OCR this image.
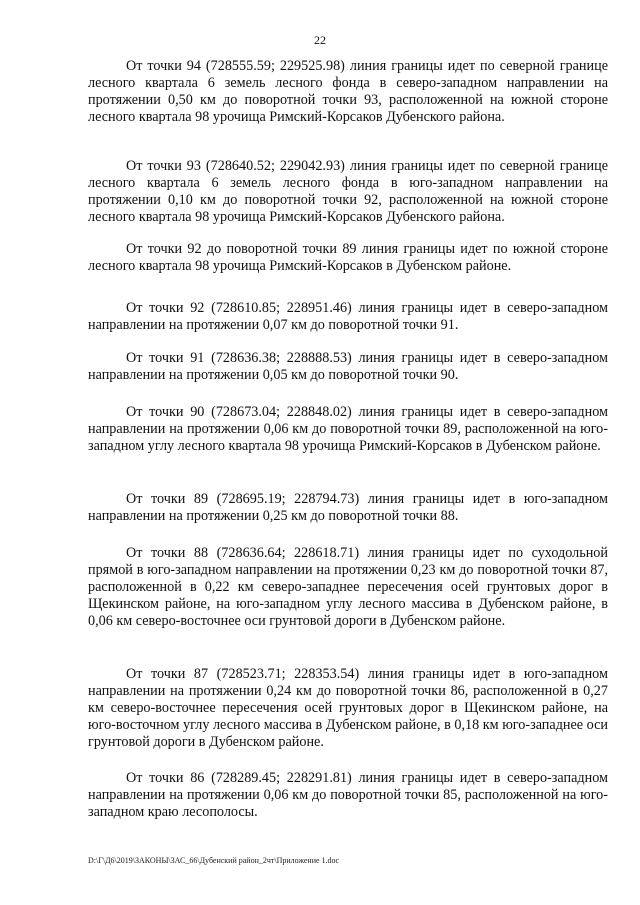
22

От точки 94 (728555.59; 229525.98) линия границы идет по северной границе лесного квартала 6 земель лесного фонда в северо-западном направлении на протяжении 0,50 км до поворотной точки 93, расположенной на южной стороне лесного квартала 98 урочища Римский-Корсаков Дубенского района.

От точки 93 (728640.52; 229042.93) линия границы идет по северной границе лесного квартала 6 земель лесного фонда в юго-западном направлении на протяжении 0,10 км до поворотной точки 92, расположенной на южной стороне лесного квартала 98 урочища Римский-Корсаков Дубенского района.

От точки 92 до поворотной точки 89 линия границы идет по южной стороне лесного квартала 98 урочища Римский-Корсаков в Дубенском районе.

От точки 92 (728610.85; 228951.46) линия границы идет в северо-западном направлении на протяжении 0,07 км до поворотной точки 91.

От точки 91 (728636.38; 228888.53) линия границы идет в северо-западном направлении на протяжении 0,05 км до поворотной точки 90.

От точки 90 (728673.04; 228848.02) линия границы идет в северо-западном направлении на протяжении 0,06 км до поворотной точки 89, расположенной на юго-западном углу лесного квартала 98 урочища Римский-Корсаков в Дубенском районе.

От точки 89 (728695.19; 228794.73) линия границы идет в юго-западном направлении на протяжении 0,25 км до поворотной точки 88.

От точки 88 (728636.64; 228618.71) линия границы идет по суходольной прямой в юго-западном направлении на протяжении 0,23 км до поворотной точки 87, расположенной в 0,22 км северо-западнее пересечения осей грунтовых дорог в Щекинском районе, на юго-западном углу лесного массива в Дубенском районе, в 0,06 км северо-восточнее оси грунтовой дороги в Дубенском районе.

От точки 87 (728523.71; 228353.54) линия границы идет в юго-западном направлении на протяжении 0,24 км до поворотной точки 86, расположенной в 0,27 км северо-восточнее пересечения осей грунтовых дорог в Щекинском районе, на юго-восточном углу лесного массива в Дубенском районе, в 0,18 км юго-западнее оси грунтовой дороги в Дубенском районе.

От точки 86 (728289.45; 228291.81) линия границы идет в северо-западном направлении на протяжении 0,06 км до поворотной точки 85, расположенной на юго-западном краю лесополосы.

D:\Г\Д6\2019\ЗАКОНЫ\ЗАС_66\Дубенский район_2чт\Приложение 1.doc
